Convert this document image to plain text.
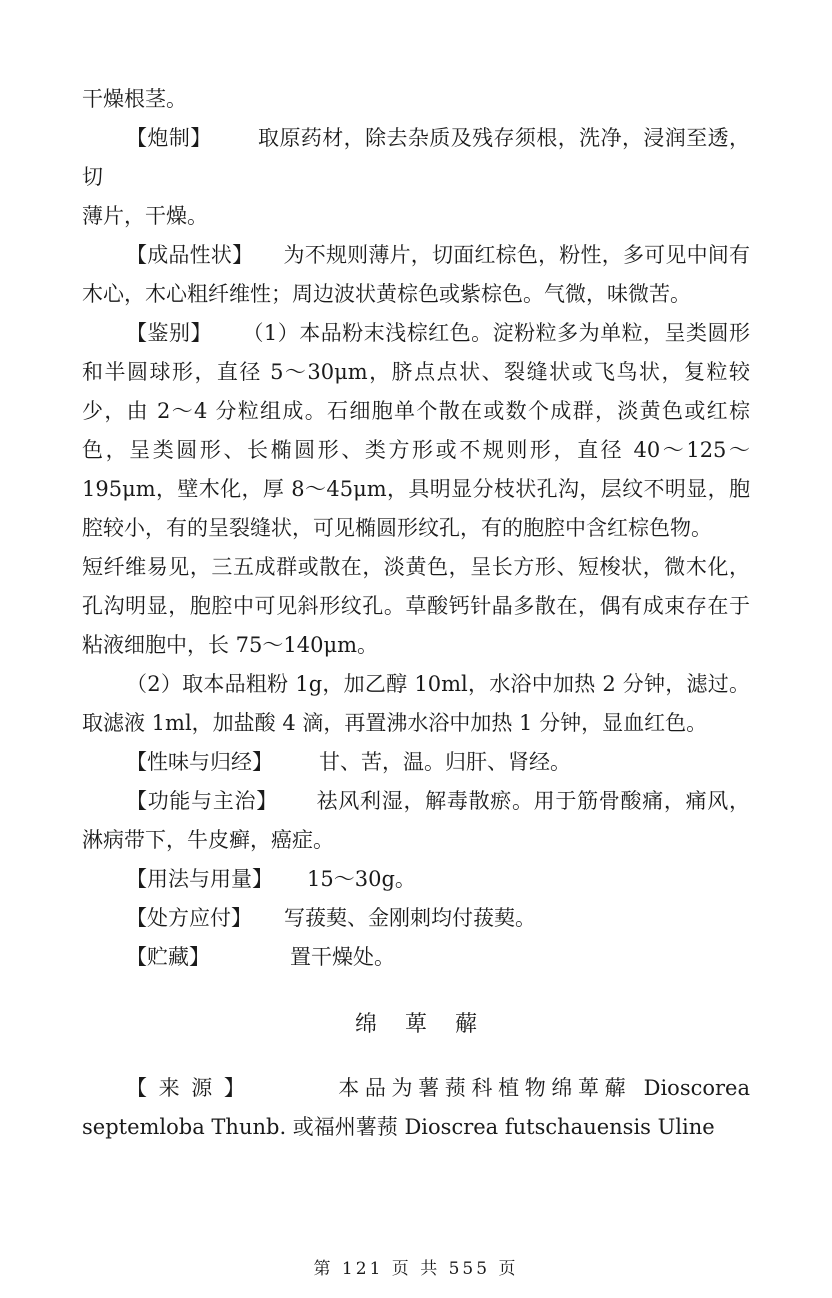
干燥根茎。

【炮制】 取原药材，除去杂质及残存须根，洗净，浸润至透，切

薄片，干燥。

【成品性状】 为不规则薄片，切面红棕色，粉性，多可见中间有木心，木心粗纤维性；周边波状黄棕色或紫棕色。气微，味微苦。

【鉴别】 （1）本品粉末浅棕红色。淀粉粒多为单粒，呈类圆形和半圆球形，直径 5～30μm，脐点点状、裂缝状或飞鸟状，复粒较少，由 2～4 分粒组成。石细胞单个散在或数个成群，淡黄色或红棕色，呈类圆形、长椭圆形、类方形或不规则形，直径 40～125～195μm，壁木化，厚 8～45μm，具明显分枝状孔沟，层纹不明显，胞腔较小，有的呈裂缝状，可见椭圆形纹孔，有的胞腔中含红棕色物。

短纤维易见，三五成群或散在，淡黄色，呈长方形、短梭状，微木化，孔沟明显，胞腔中可见斜形纹孔。草酸钙针晶多散在，偶有成束存在于粘液细胞中，长 75～140μm。

（2）取本品粗粉 1g，加乙醇 10ml，水浴中加热 2 分钟，滤过。取滤液 1ml，加盐酸 4 滴，再置沸水浴中加热 1 分钟，显血红色。

【性味与归经】 甘、苦，温。归肝、肾经。

【功能与主治】 祛风利湿，解毒散瘀。用于筋骨酸痛，痛风，淋病带下，牛皮癣，癌症。

【用法与用量】 15～30g。

【处方应付】 写菝葜、金刚刺均付菝葜。

【贮藏】	置干燥处。

绵萆薢

【来源】	本品为薯蓣科植物绵萆薢 Dioscorea septemloba Thunb. 或福州薯蓣 Dioscrea futschauensis Uline

第 121 页 共 555 页
